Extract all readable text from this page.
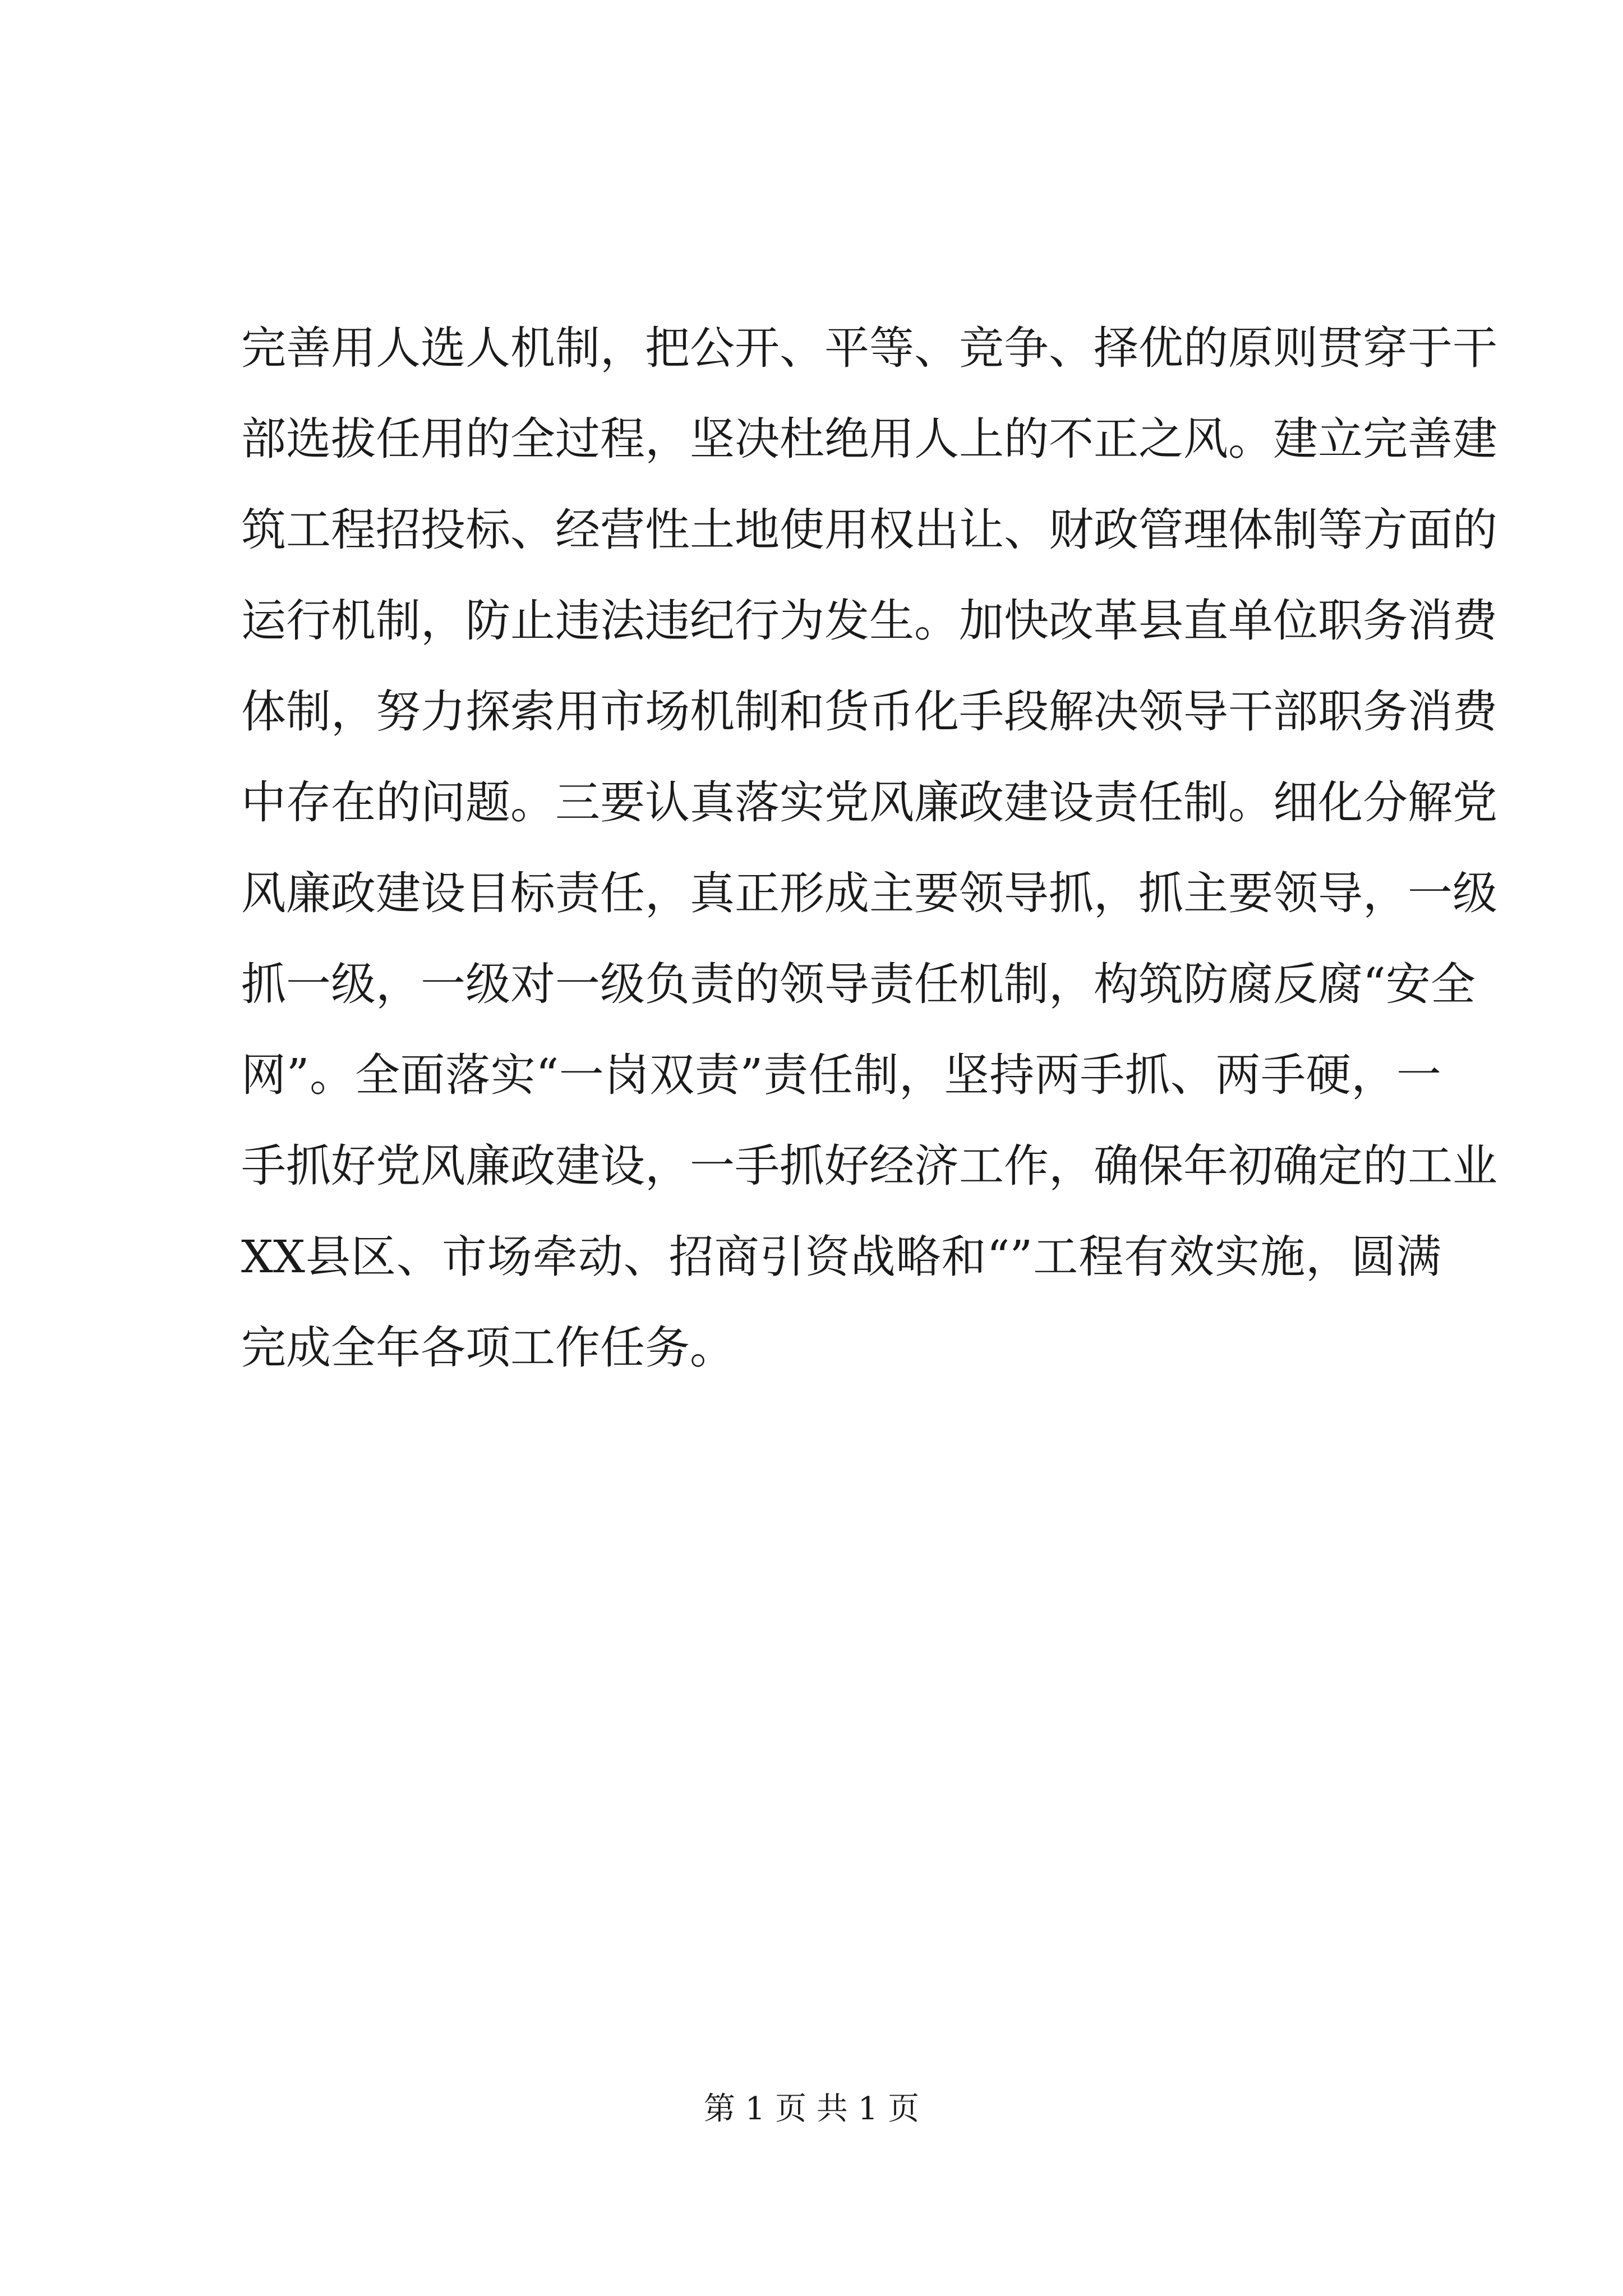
完善用人选人机制，把公开、平等、竞争、择优的原则贯穿于干
部选拔任用的全过程，坚决杜绝用人上的不正之风。建立完善建
筑工程招投标、经营性土地使用权出让、财政管理体制等方面的
运行机制，防止违法违纪行为发生。加快改革县直单位职务消费
体制，努力探索用市场机制和货币化手段解决领导干部职务消费
中存在的问题。三要认真落实党风廉政建设责任制。细化分解党
风廉政建设目标责任，真正形成主要领导抓，抓主要领导，一级
抓一级，一级对一级负责的领导责任机制，构筑防腐反腐“安全
网”。全面落实“一岗双责”责任制，坚持两手抓、两手硬，一
手抓好党风廉政建设，一手抓好经济工作，确保年初确定的工业
XX县区、市场牵动、招商引资战略和“”工程有效实施，圆满
完成全年各项工作任务。
第 1 页 共 1 页
